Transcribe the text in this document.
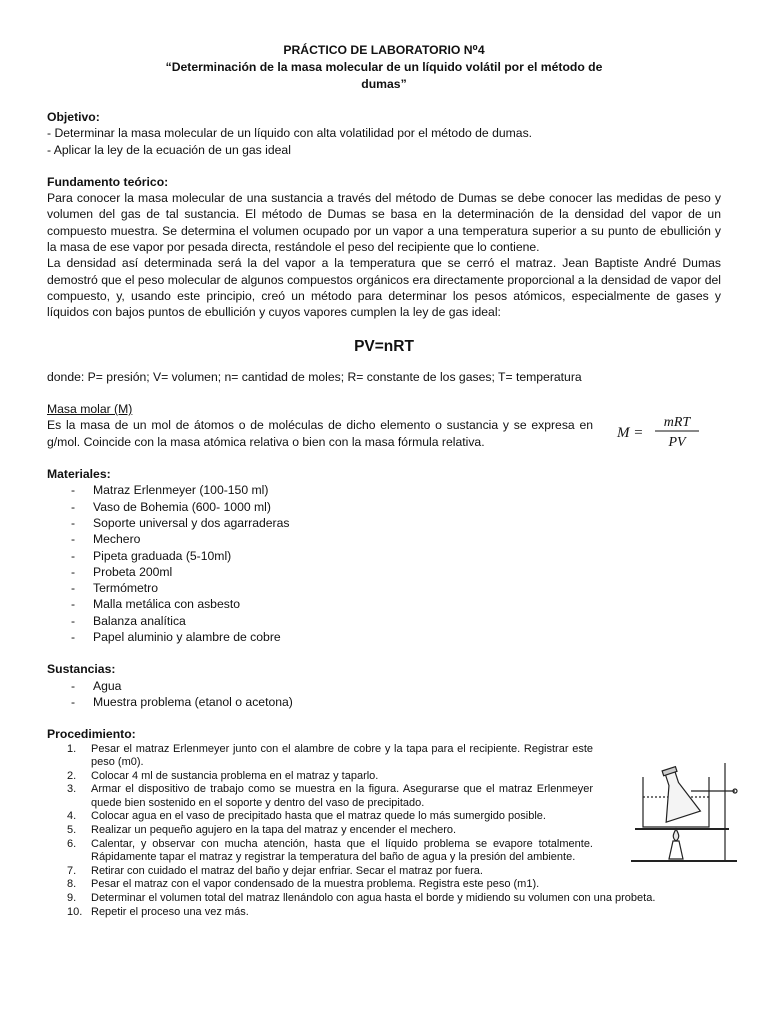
PRÁCTICO DE LABORATORIO N⁰4
“Determinación de la masa molecular de un líquido volátil por el método de
dumas”
Objetivo:

- Determinar la masa molecular de un líquido con alta volatilidad por el método de dumas.

- Aplicar la ley de la ecuación de un gas ideal

Fundamento teórico:

Para conocer la masa molecular de una sustancia a través del método de Dumas se debe conocer las medidas de peso y volumen del gas de tal sustancia. El método de Dumas se basa en la determinación de la densidad del vapor de un compuesto muestra. Se determina el volumen ocupado por un vapor a una temperatura superior a su punto de ebullición y la masa de ese vapor por pesada directa, restándole el peso del recipiente que lo contiene.

La densidad así determinada será la del vapor a la temperatura que se cerró el matraz. Jean Baptiste André Dumas demostró que el peso molecular de algunos compuestos orgánicos era directamente proporcional a la densidad de vapor del compuesto, y, usando este principio, creó un método para determinar los pesos atómicos, especialmente de gases y líquidos con bajos puntos de ebullición y cuyos vapores cumplen la ley de gas ideal:

PV=nRT

donde: P= presión; V= volumen; n= cantidad de moles; R= constante de los gases; T= temperatura

Masa molar (M)

Es la masa de un mol de átomos o de moléculas de dicho elemento o sustancia y se expresa en g/mol. Coincide con la masa atómica relativa o bien con la masa fórmula relativa.

M =
mRT
PV
Materiales:
- Matraz Erlenmeyer (100-150 ml)
- Vaso de Bohemia (600- 1000 ml)
- Soporte universal y dos agarraderas
- Mechero
- Pipeta graduada (5-10ml)
- Probeta 200ml
- Termómetro
- Malla metálica con asbesto
- Balanza analítica
- Papel aluminio y alambre de cobre
Sustancias:
- Agua
- Muestra problema (etanol o acetona)
Procedimiento:
1. Pesar el matraz Erlenmeyer junto con el alambre de cobre y la tapa para el recipiente. Registrar este peso (m0).
2. Colocar 4 ml de sustancia problema en el matraz y taparlo.
3. Armar el dispositivo de trabajo como se muestra en la figura. Asegurarse que el matraz Erlenmeyer quede bien sostenido en el soporte y dentro del vaso de precipitado.
4. Colocar agua en el vaso de precipitado hasta que el matraz quede lo más sumergido posible.
5. Realizar un pequeño agujero en la tapa del matraz y encender el mechero.
6. Calentar, y observar con mucha atención, hasta que el líquido problema se evapore totalmente. Rápidamente tapar el matraz y registrar la temperatura del baño de agua y la presión del ambiente.
7. Retirar con cuidado el matraz del baño y dejar enfriar. Secar el matraz por fuera.
8. Pesar el matraz con el vapor condensado de la muestra problema. Registra este peso (m1).
9. Determinar el volumen total del matraz llenándolo con agua hasta el borde y midiendo su volumen con una probeta.
10. Repetir el proceso una vez más.
